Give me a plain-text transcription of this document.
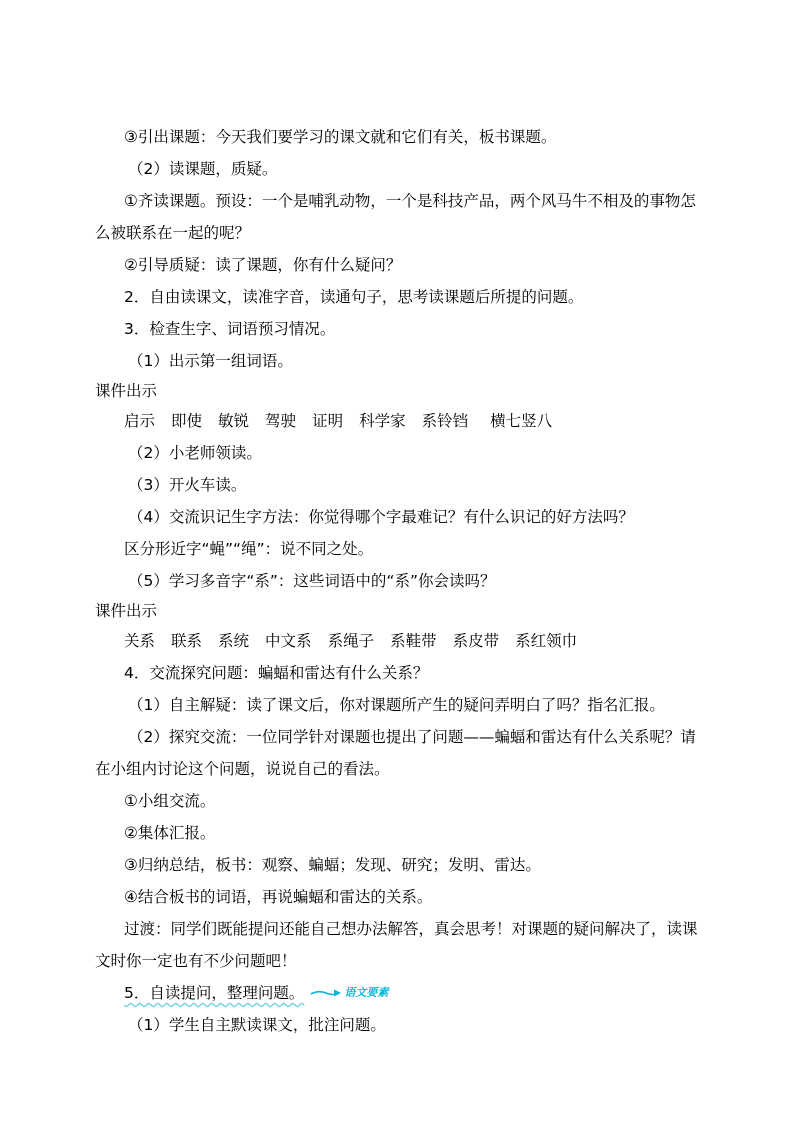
③引出课题：今天我们要学习的课文就和它们有关，板书课题。
（2）读课题，质疑。
①齐读课题。预设：一个是哺乳动物，一个是科技产品，两个风马牛不相及的事物怎
么被联系在一起的呢？
②引导质疑：读了课题，你有什么疑问？
2．自由读课文，读准字音，读通句子，思考读课题后所提的问题。
3．检查生字、词语预习情况。
（1）出示第一组词语。
课件出示
启示 即使 敏锐 驾驶 证明 科学家 系铃铛 横七竖八
（2）小老师领读。
（3）开火车读。
（4）交流识记生字方法：你觉得哪个字最难记？有什么识记的好方法吗？
区分形近字“蝇”“绳”：说不同之处。
（5）学习多音字“系”：这些词语中的“系”你会读吗？
课件出示
关系 联系 系统 中文系 系绳子 系鞋带 系皮带 系红领巾
4．交流探究问题：蝙蝠和雷达有什么关系？
（1）自主解疑：读了课文后，你对课题所产生的疑问弄明白了吗？指名汇报。
（2）探究交流：一位同学针对课题也提出了问题——蝙蝠和雷达有什么关系呢？请
在小组内讨论这个问题，说说自己的看法。
①小组交流。
②集体汇报。
③归纳总结，板书：观察、蝙蝠；发现、研究；发明、雷达。
④结合板书的词语，再说蝙蝠和雷达的关系。
过渡：同学们既能提问还能自己想办法解答，真会思考！对课题的疑问解决了，读课
文时你一定也有不少问题吧！
5．自读提问，整理问题。	语文要素
（1）学生自主默读课文，批注问题。
